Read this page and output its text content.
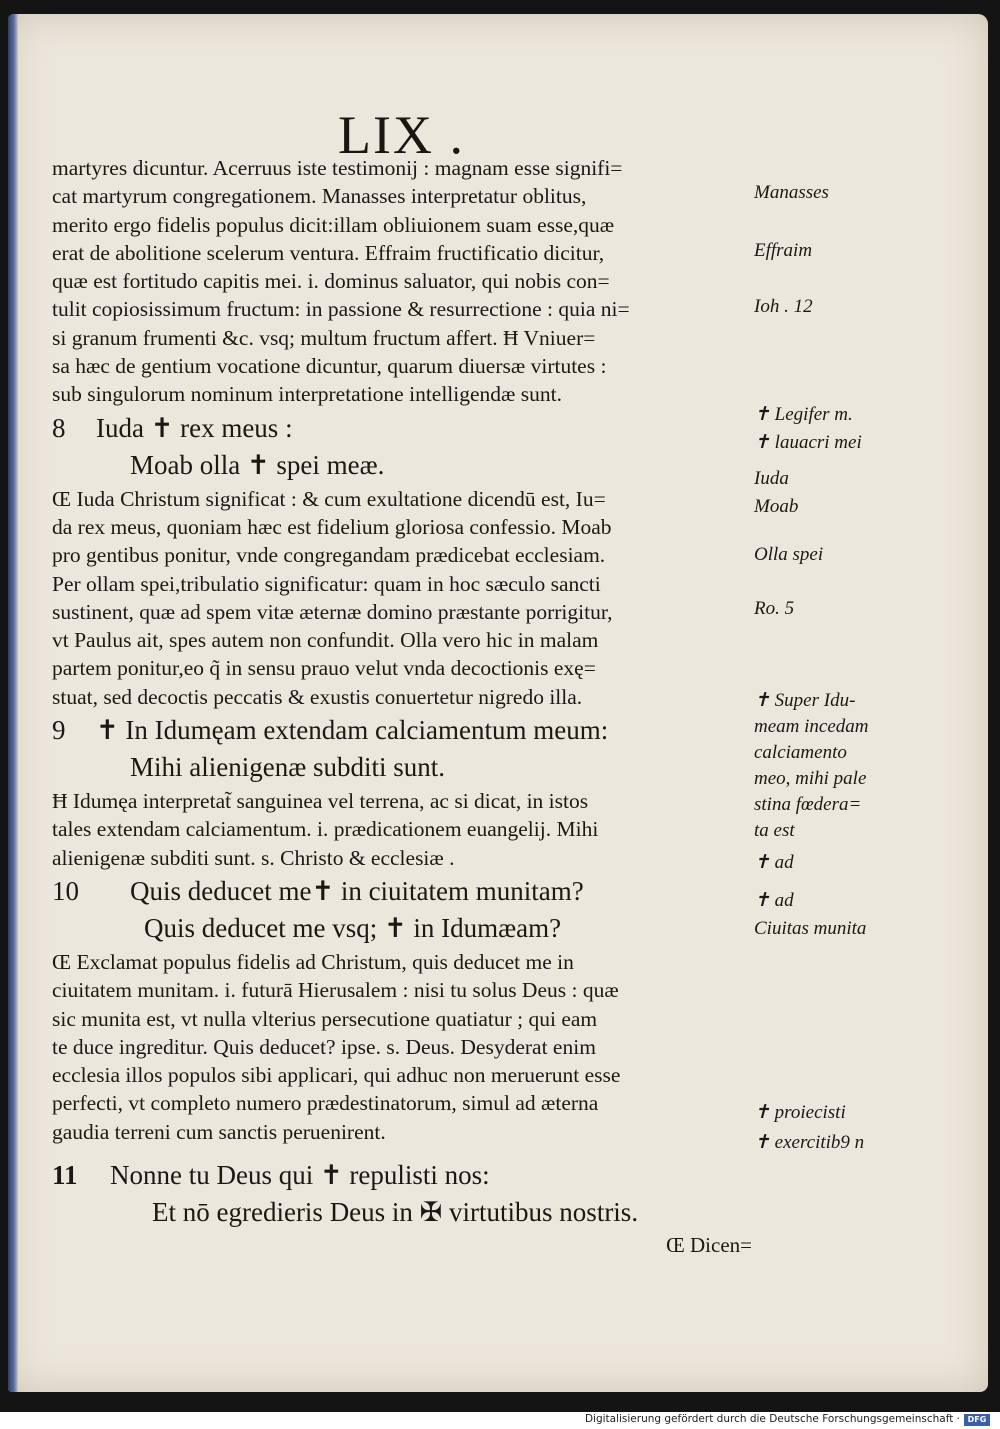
LIX .
martyres dicuntur. Acerruus iste testimonij : magnam esse signifi=
cat martyrum congregationem. Manasses interpretatur oblitus,
merito ergo fidelis populus dicit:illam obliuionem suam esse,quæ
erat de abolitione scelerum ventura. Effraim fructificatio dicitur,
quæ est fortitudo capitis mei. i. dominus saluator, qui nobis con=
tulit copiosissimum fructum: in passione & resurrectione : quia ni=
si granum frumenti &c. vsq; multum fructum affert. Ħ Vniuer=
sa hæc de gentium vocatione dicuntur, quarum diuersæ virtutes :
sub singulorum nominum interpretatione intelligendæ sunt.
8 Iuda ✝ rex meus :
Moab olla ✝ spei meæ.
Œ Iuda Christum significat : & cum exultatione dicendū est, Iu=
da rex meus, quoniam hæc est fidelium gloriosa confessio. Moab
pro gentibus ponitur, vnde congregandam prædicebat ecclesiam.
Per ollam spei,tribulatio significatur: quam in hoc sæculo sancti
sustinent, quæ ad spem vitæ æternæ domino præstante porrigitur,
vt Paulus ait, spes autem non confundit. Olla vero hic in malam
partem ponitur,eo q̃ in sensu prauo velut vnda decoctionis exę=
stuat, sed decoctis peccatis & exustis conuertetur nigredo illa.
9 ✝ In Idumęam extendam calciamentum meum:
Mihi alienigenæ subditi sunt.
Ħ Idumęa interpretat̃ sanguinea vel terrena, ac si dicat, in istos
tales extendam calciamentum. i. prædicationem euangelij. Mihi
alienigenæ subditi sunt. s. Christo & ecclesiæ .
10 Quis deducet me✝ in ciuitatem munitam?
Quis deducet me vsq; ✝ in Idumæam?
Œ Exclamat populus fidelis ad Christum, quis deducet me in
ciuitatem munitam. i. futurā Hierusalem : nisi tu solus Deus : quæ
sic munita est, vt nulla vlterius persecutione quatiatur ; qui eam
te duce ingreditur. Quis deducet? ipse. s. Deus. Desyderat enim
ecclesia illos populos sibi applicari, qui adhuc non meruerunt esse
perfecti, vt completo numero prædestinatorum, simul ad æterna
gaudia terreni cum sanctis peruenirent.
11 Nonne tu Deus qui ✝ repulisti nos:
Et nō egredieris Deus in ✠ virtutibus nostris.
Œ Dicen=
Manasses
Effraim
Ioh . 12
✝ Legifer m.
✝ lauacri mei
Iuda
Moab
Olla spei
Ro. 5
✝ Super Idu-
meam incedam
calciamento
meo, mihi pale
stina fœdera=
ta est
✝ ad
✝ ad
Ciuitas munita
✝ proiecisti
✝ exercitib9 n
Digitalisierung gefördert durch die Deutsche Forschungsgemeinschaft · DFG
